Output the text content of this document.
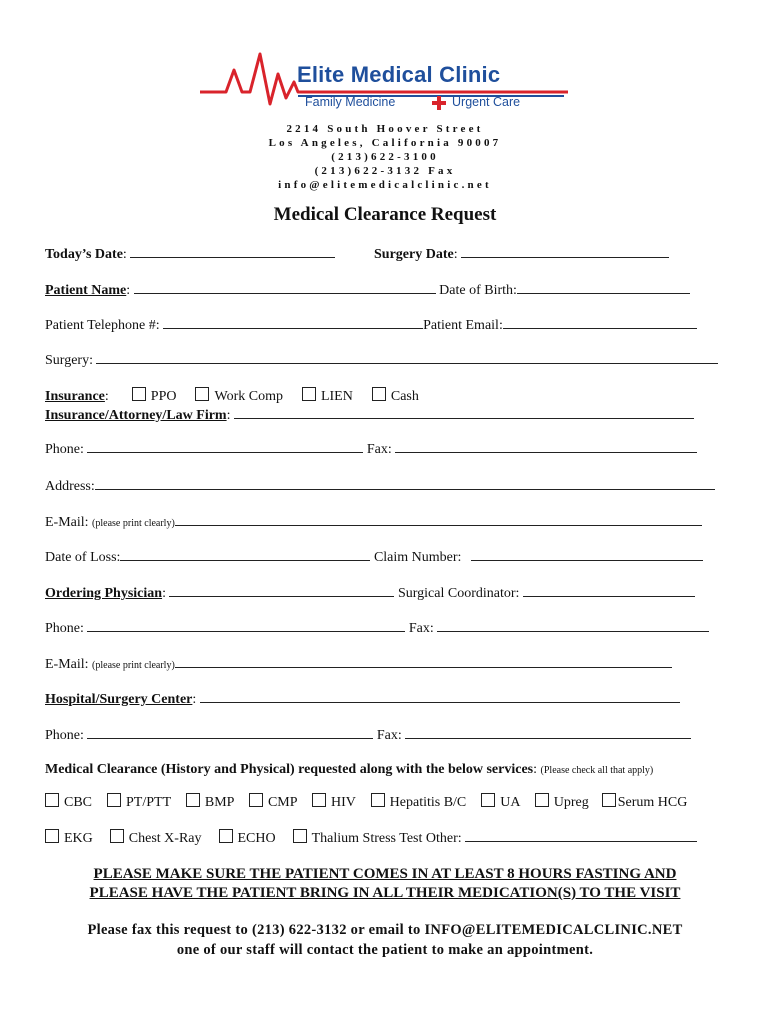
Elite Medical Clinic
Family Medicine	Urgent Care
2214 South Hoover Street
Los Angeles, California 90007
(213)622-3100
(213)622-3132 Fax
info@elitemedicalclinic.net
Medical Clearance Request
Today’s Date:	Surgery Date:
Patient Name:	Date of Birth:
Patient Telephone #:	Patient Email:
Surgery:
Insurance:	PPO	Work Comp	LIEN	Cash
Insurance/Attorney/Law Firm:
Phone:	Fax:
Address:
E-Mail: (please print clearly)
Date of Loss:	Claim Number:
Ordering Physician:	Surgical Coordinator:
Phone:	Fax:
E-Mail: (please print clearly)
Hospital/Surgery Center:
Phone:	Fax:
Medical Clearance (History and Physical) requested along with the below services: (Please check all that apply)
CBC PT/PTT BMP CMP HIV Hepatitis B/C UA Upreg Serum HCG
EKG	Chest X-Ray	ECHO	Thalium Stress Test Other:
PLEASE MAKE SURE THE PATIENT COMES IN AT LEAST 8 HOURS FASTING AND
PLEASE HAVE THE PATIENT BRING IN ALL THEIR MEDICATION(S) TO THE VISIT
Please fax this request to (213) 622-3132 or email to INFO@ELITEMEDICALCLINIC.NET
one of our staff will contact the patient to make an appointment.
